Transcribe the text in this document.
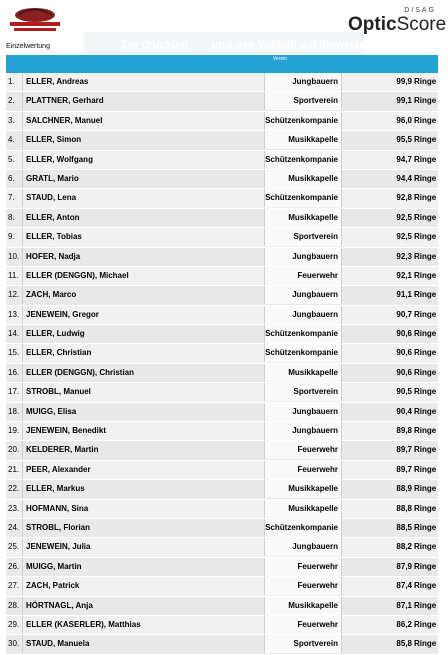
DISAG
OpticScore
Zur druckbar und den Vollbild auf hinweise
Einzelwertung
Verein
1.	ELLER, Andreas	Jungbauern	99,9 Ringe
2.	PLATTNER, Gerhard	Sportverein	99,1 Ringe
3.	SALCHNER, Manuel	Schützenkompanie	96,0 Ringe
4.	ELLER, Simon	Musikkapelle	95,5 Ringe
5.	ELLER, Wolfgang	Schützenkompanie	94,7 Ringe
6.	GRATL, Mario	Musikkapelle	94,4 Ringe
7.	STAUD, Lena	Schützenkompanie	92,8 Ringe
8.	ELLER, Anton	Musikkapelle	92,5 Ringe
9.	ELLER, Tobias	Sportverein	92,5 Ringe
10. HOFER, Nadja	Jungbauern	92,3 Ringe
11. ELLER (DENGGN), Michael	Feuerwehr	92,1 Ringe
12. ZACH, Marco	Jungbauern	91,1 Ringe
13. JENEWEIN, Gregor	Jungbauern	90,7 Ringe
14. ELLER, Ludwig	Schützenkompanie	90,6 Ringe
15. ELLER, Christian	Schützenkompanie	90,6 Ringe
16. ELLER (DENGGN), Christian	Musikkapelle	90,6 Ringe
17. STROBL, Manuel	Sportverein	90,5 Ringe
18. MUIGG, Elisa	Jungbauern	90,4 Ringe
19. JENEWEIN, Benedikt	Jungbauern	89,8 Ringe
20. KELDERER, Martin	Feuerwehr	89,7 Ringe
21. PEER, Alexander	Feuerwehr	89,7 Ringe
22. ELLER, Markus	Musikkapelle	88,9 Ringe
23. HOFMANN, Sina	Musikkapelle	88,8 Ringe
24. STROBL, Florian	Schützenkompanie	88,5 Ringe
25. JENEWEIN, Julia	Jungbauern	88,2 Ringe
26. MUIGG, Martin	Feuerwehr	87,9 Ringe
27. ZACH, Patrick	Feuerwehr	87,4 Ringe
28. HÖRTNAGL, Anja	Musikkapelle	87,1 Ringe
29. ELLER (KASERLER), Matthias	Feuerwehr	86,2 Ringe
30. STAUD, Manuela	Sportverein	85,8 Ringe
